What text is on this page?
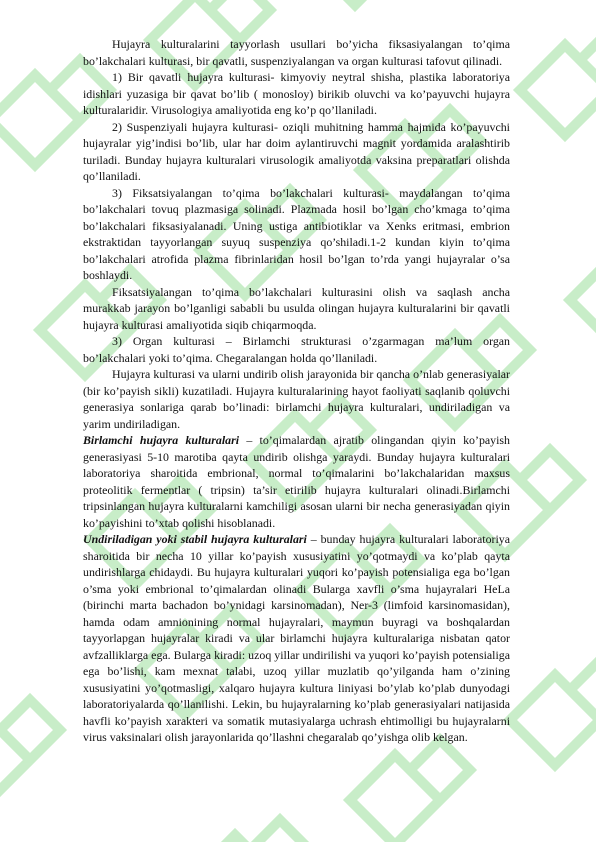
Hujayra kulturalarini tayyorlash usullari bo’yicha fiksasiyalangan to’qima bo’lakchalari kulturasi, bir qavatli, suspenziyalangan va organ kulturasi tafovut qilinadi.

1) Bir qavatli hujayra kulturasi- kimyoviy neytral shisha, plastika laboratoriya idishlari yuzasiga bir qavat bo’lib ( monosloy) birikib oluvchi va ko’payuvchi hujayra kulturalaridir. Virusologiya amaliyotida eng ko’p qo’llaniladi.

2) Suspenziyali hujayra kulturasi- oziqli muhitning hamma hajmida ko’payuvchi hujayralar yig’indisi bo’lib, ular har doim aylantiruvchi magnit yordamida aralashtirib turiladi. Bunday hujayra kulturalari virusologik amaliyotda vaksina preparatlari olishda qo’llaniladi.

3) Fiksatsiyalangan to’qima bo’lakchalari kulturasi- maydalangan to’qima bo’lakchalari tovuq plazmasiga solinadi. Plazmada hosil bo’lgan cho’kmaga to’qima bo’lakchalari fiksasiyalanadi. Uning ustiga antibiotiklar va Xenks eritmasi, embrion ekstraktidan tayyorlangan suyuq suspenziya qo’shiladi.1-2 kundan kiyin to’qima bo’lakchalari atrofida plazma fibrinlaridan hosil bo’lgan to’rda yangi hujayralar o’sa boshlaydi.

Fiksatsiyalangan to’qima bo’lakchalari kulturasini olish va saqlash ancha murakkab jarayon bo’lganligi sababli bu usulda olingan hujayra kulturalarini bir qavatli hujayra kulturasi amaliyotida siqib chiqarmoqda.

3) Organ kulturasi – Birlamchi strukturasi o’zgarmagan ma’lum organ bo’lakchalari yoki to’qima. Chegaralangan holda qo’llaniladi.

Hujayra kulturasi va ularni undirib olish jarayonida bir qancha o’nlab generasiyalar (bir ko’payish sikli) kuzatiladi. Hujayra kulturalarining hayot faoliyati saqlanib qoluvchi generasiya sonlariga qarab bo’linadi: birlamchi hujayra kulturalari, undiriladigan va yarim undiriladigan.

Birlamchi hujayra kulturalari – to’qimalardan ajratib olingandan qiyin ko’payish generasiyasi 5-10 marotiba qayta undirib olishga yaraydi. Bunday hujayra kulturalari laboratoriya sharoitida embrional, normal to’qimalarini bo’lakchalaridan maxsus proteolitik fermentlar ( tripsin) ta’sir etirilib hujayra kulturalari olinadi.Birlamchi tripsinlangan hujayra kulturalarni kamchiligi asosan ularni bir necha generasiyadan qiyin ko’payishini to’xtab qolishi hisoblanadi.

Undiriladigan yoki stabil hujayra kulturalari – bunday hujayra kulturalari laboratoriya sharoitida bir necha 10 yillar ko’payish xususiyatini yo’qotmaydi va ko’plab qayta undirishlarga chidaydi. Bu hujayra kulturalari yuqori ko’payish potensialiga ega bo’lgan o’sma yoki embrional to’qimalardan olinadi Bularga xavfli o’sma hujayralari HeLa (birinchi marta bachadon bo’ynidagi karsinomadan), Ner-3 (limfoid karsinomasidan), hamda odam amnionining normal hujayralari, maymun buyragi va boshqalardan tayyorlapgan hujayralar kiradi va ular birlamchi hujayra kulturalariga nisbatan qator avfzalliklarga ega. Bularga kiradi: uzoq yillar undirilishi va yuqori ko’payish potensialiga ega bo’lishi, kam mexnat talabi, uzoq yillar muzlatib qo’yilganda ham o’zining xususiyatini yo’qotmasligi, xalqaro hujayra kultura liniyasi bo’ylab ko’plab dunyodagi laboratoriyalarda qo’llanilishi. Lekin, bu hujayralarning ko’plab generasiyalari natijasida havfli ko’payish xarakteri va somatik mutasiyalarga uchrash ehtimolligi bu hujayralarni virus vaksinalari olish jarayonlarida qo’llashni chegaralab qo’yishga olib kelgan.
